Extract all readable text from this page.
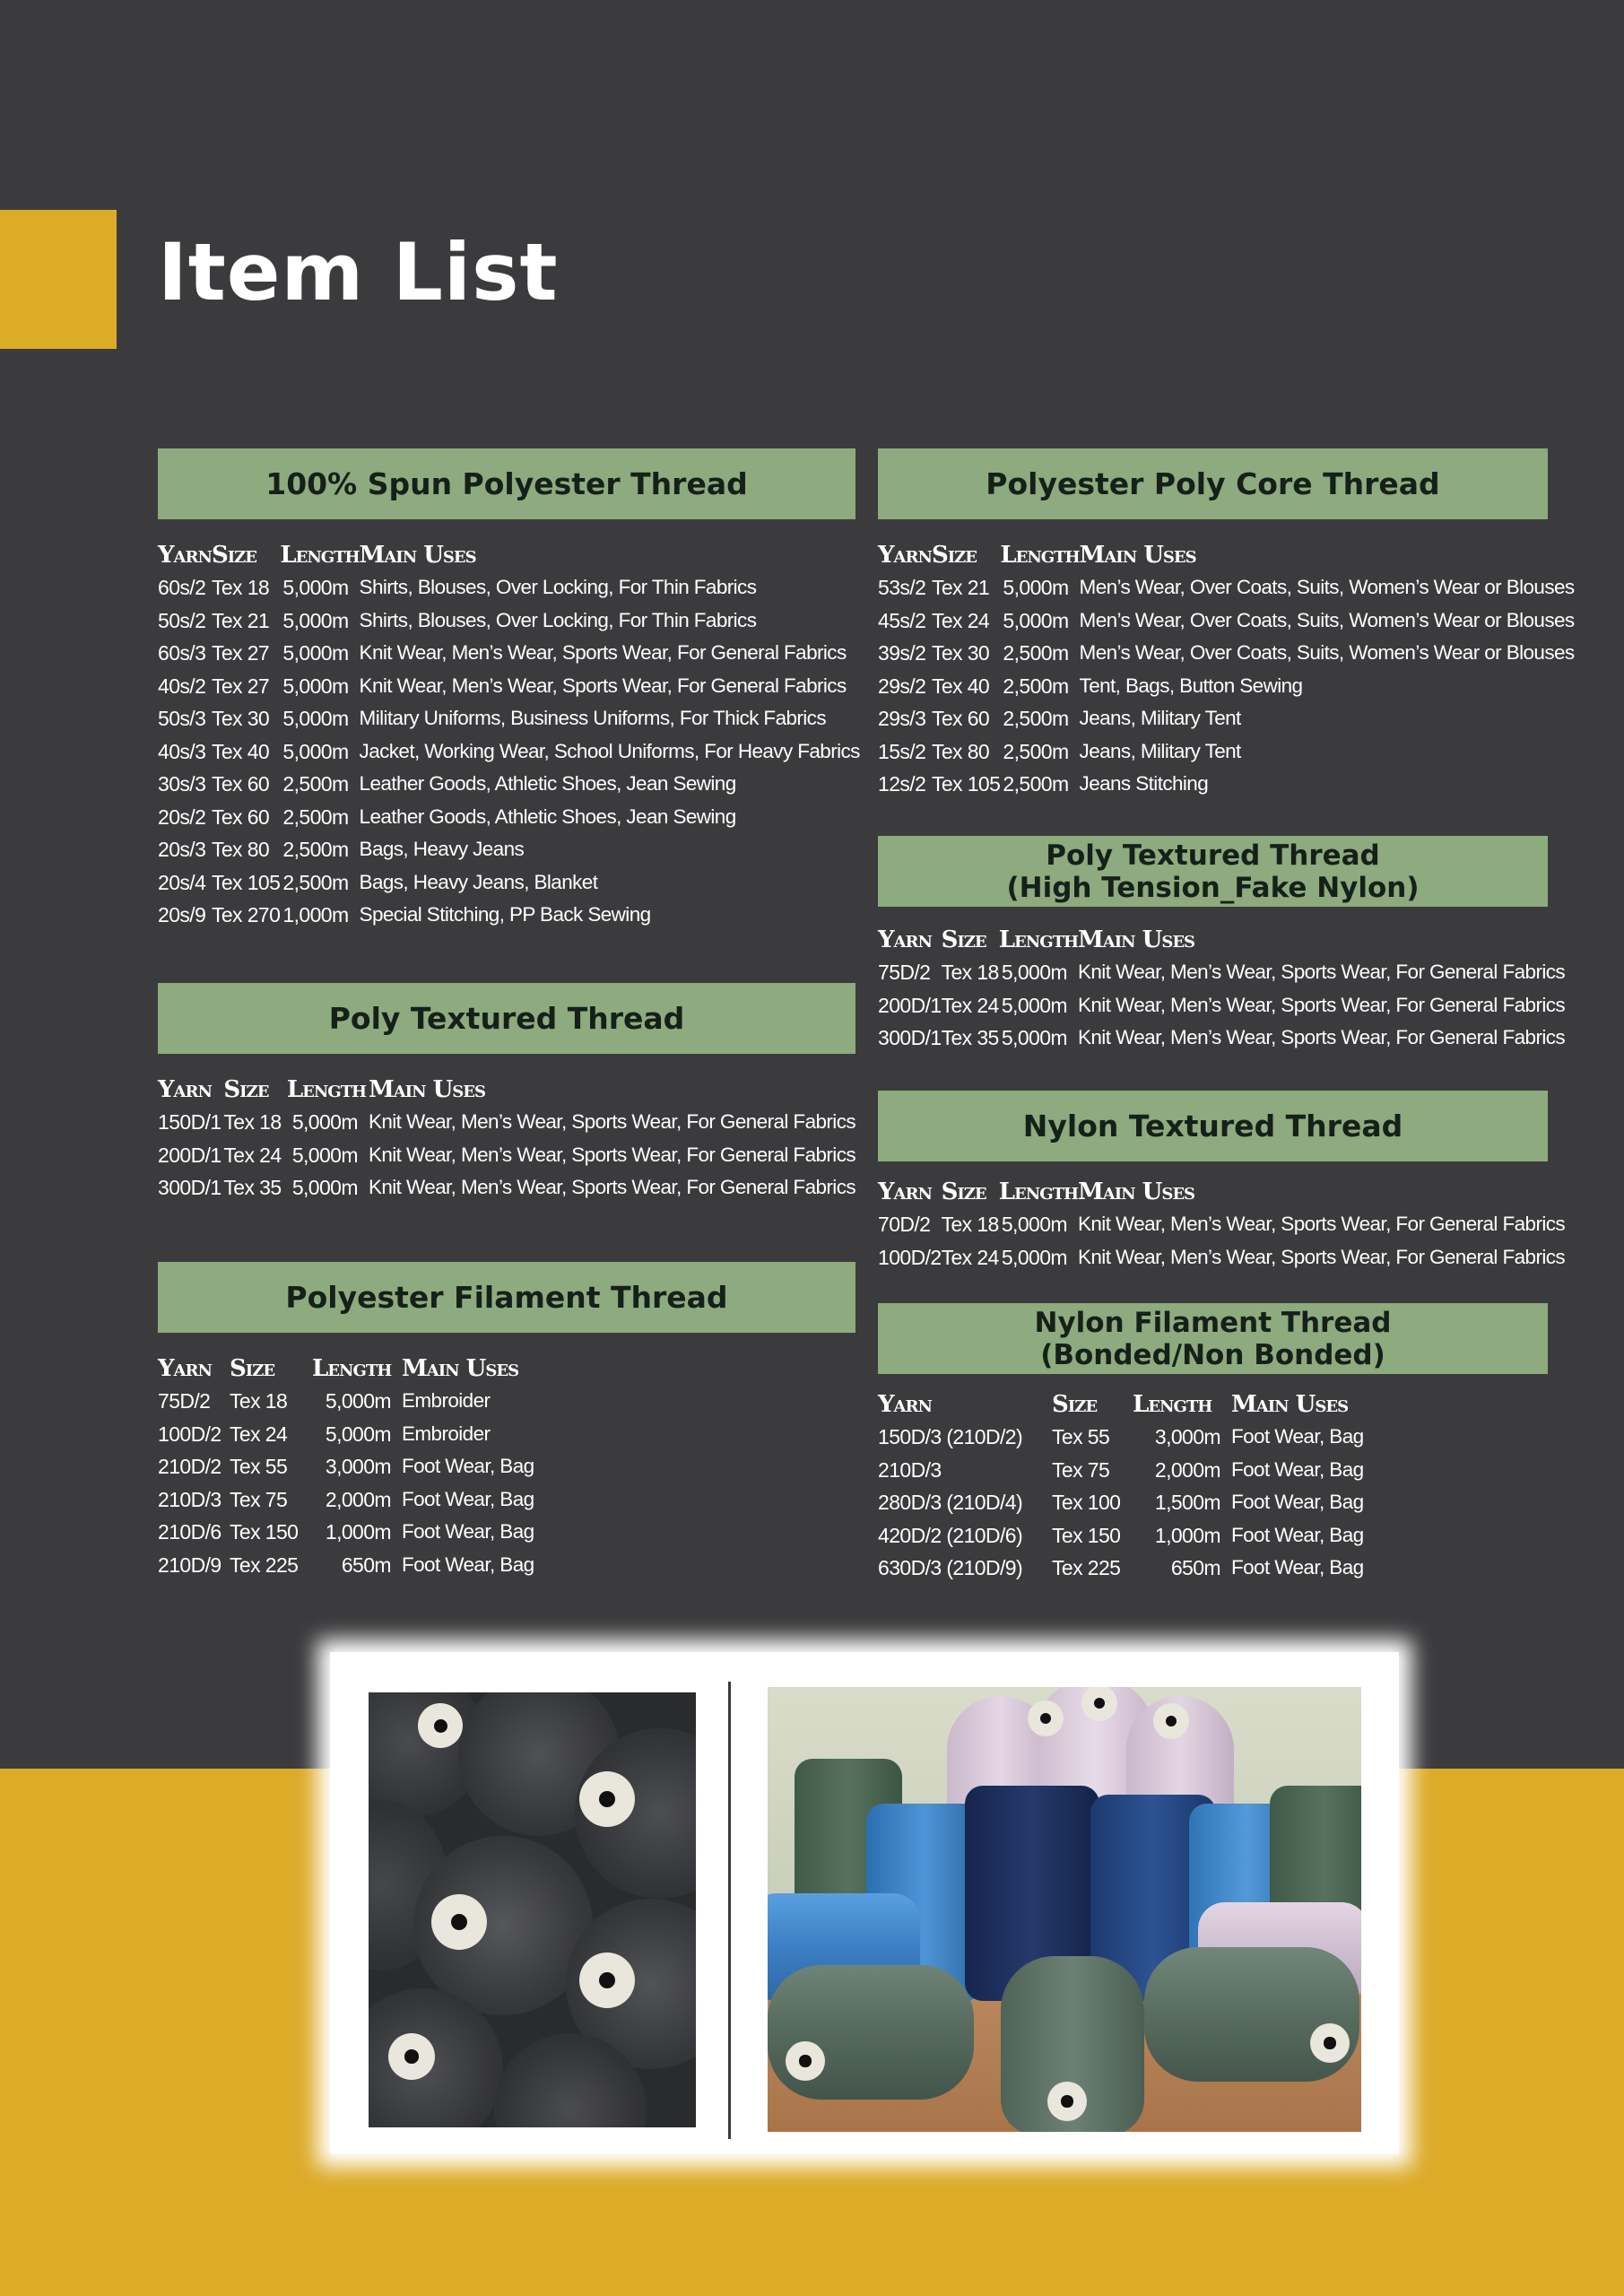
Item List
100% Spun Polyester Thread
Yarn	Size	Length	Main Uses
60s/2	Tex 18	5,000m	Shirts, Blouses, Over Locking, For Thin Fabrics
50s/2	Tex 21	5,000m	Shirts, Blouses, Over Locking, For Thin Fabrics
60s/3	Tex 27	5,000m	Knit Wear, Men’s Wear, Sports Wear, For General Fabrics
40s/2	Tex 27	5,000m	Knit Wear, Men’s Wear, Sports Wear, For General Fabrics
50s/3	Tex 30	5,000m	Military Uniforms, Business Uniforms, For Thick Fabrics
40s/3	Tex 40	5,000m	Jacket, Working Wear, School Uniforms, For Heavy Fabrics
30s/3	Tex 60	2,500m	Leather Goods, Athletic Shoes, Jean Sewing
20s/2	Tex 60	2,500m	Leather Goods, Athletic Shoes, Jean Sewing
20s/3	Tex 80	2,500m	Bags, Heavy Jeans
20s/4	Tex 105	2,500m	Bags, Heavy Jeans, Blanket
20s/9	Tex 270	1,000m	Special Stitching, PP Back Sewing
Poly Textured Thread
Yarn	Size	Length	Main Uses
150D/1	Tex 18	5,000m	Knit Wear, Men’s Wear, Sports Wear, For General Fabrics
200D/1	Tex 24	5,000m	Knit Wear, Men’s Wear, Sports Wear, For General Fabrics
300D/1	Tex 35	5,000m	Knit Wear, Men’s Wear, Sports Wear, For General Fabrics
Polyester Filament Thread
Yarn	Size	Length	Main Uses
75D/2	Tex 18	5,000m	Embroider
100D/2	Tex 24	5,000m	Embroider
210D/2	Tex 55	3,000m	Foot Wear, Bag
210D/3	Tex 75	2,000m	Foot Wear, Bag
210D/6	Tex 150	1,000m	Foot Wear, Bag
210D/9	Tex 225	650m	Foot Wear, Bag
Polyester Poly Core Thread
Yarn	Size	Length	Main Uses
53s/2	Tex 21	5,000m	Men’s Wear, Over Coats, Suits, Women’s Wear or Blouses
45s/2	Tex 24	5,000m	Men’s Wear, Over Coats, Suits, Women’s Wear or Blouses
39s/2	Tex 30	2,500m	Men’s Wear, Over Coats, Suits, Women’s Wear or Blouses
29s/2	Tex 40	2,500m	Tent, Bags, Button Sewing
29s/3	Tex 60	2,500m	Jeans, Military Tent
15s/2	Tex 80	2,500m	Jeans, Military Tent
12s/2	Tex 105	2,500m	Jeans Stitching
Poly Textured Thread
(High Tension_Fake Nylon)
Yarn	Size	Length	Main Uses
75D/2	Tex 18	5,000m	Knit Wear, Men’s Wear, Sports Wear, For General Fabrics
200D/1	Tex 24	5,000m	Knit Wear, Men’s Wear, Sports Wear, For General Fabrics
300D/1	Tex 35	5,000m	Knit Wear, Men’s Wear, Sports Wear, For General Fabrics
Nylon Textured Thread
Yarn	Size	Length	Main Uses
70D/2	Tex 18	5,000m	Knit Wear, Men’s Wear, Sports Wear, For General Fabrics
100D/2	Tex 24	5,000m	Knit Wear, Men’s Wear, Sports Wear, For General Fabrics
Nylon Filament Thread
(Bonded/Non Bonded)
Yarn	Size	Length	Main Uses
150D/3 (210D/2)	Tex 55	3,000m	Foot Wear, Bag
210D/3	Tex 75	2,000m	Foot Wear, Bag
280D/3 (210D/4)	Tex 100	1,500m	Foot Wear, Bag
420D/2 (210D/6)	Tex 150	1,000m	Foot Wear, Bag
630D/3 (210D/9)	Tex 225	650m	Foot Wear, Bag
